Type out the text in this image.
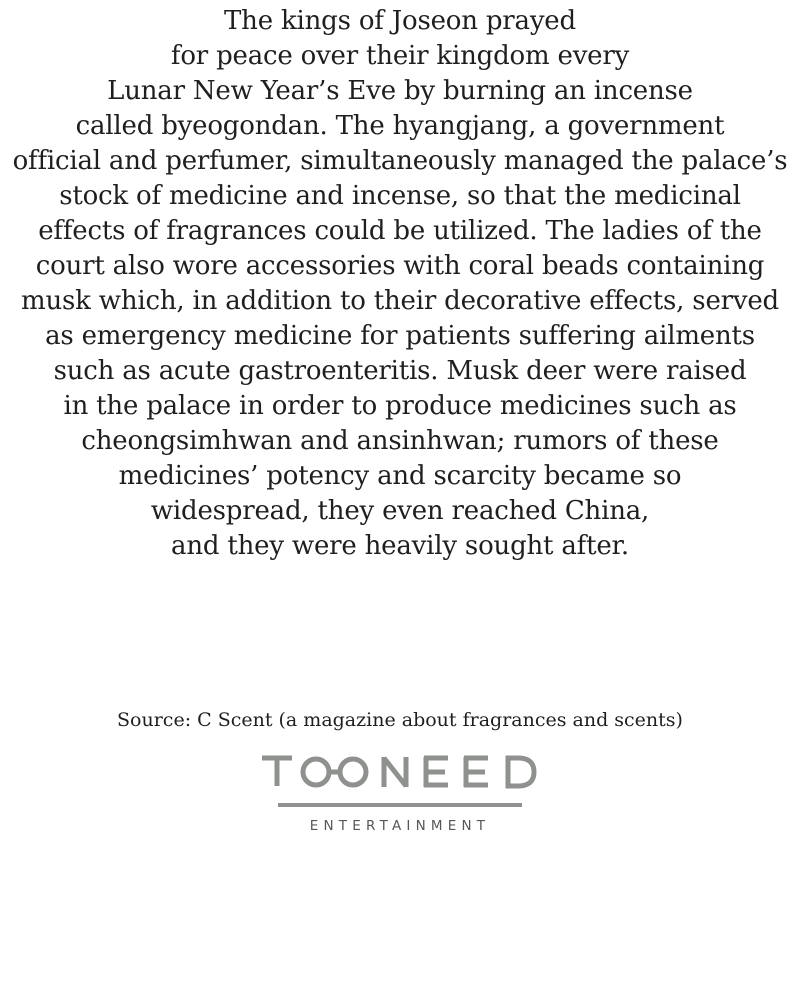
The kings of Joseon prayed
for peace over their kingdom every
Lunar New Year’s Eve by burning an incense
called byeogondan. The hyangjang, a government
official and perfumer, simultaneously managed the palace’s
stock of medicine and incense, so that the medicinal
effects of fragrances could be utilized. The ladies of the
court also wore accessories with coral beads containing
musk which, in addition to their decorative effects, served
as emergency medicine for patients suffering ailments
such as acute gastroenteritis. Musk deer were raised
in the palace in order to produce medicines such as
cheongsimhwan and ansinhwan; rumors of these
medicines’ potency and scarcity became so
widespread, they even reached China,
and they were heavily sought after.
Source: C Scent (a magazine about fragrances and scents)
ENTERTAINMENT
